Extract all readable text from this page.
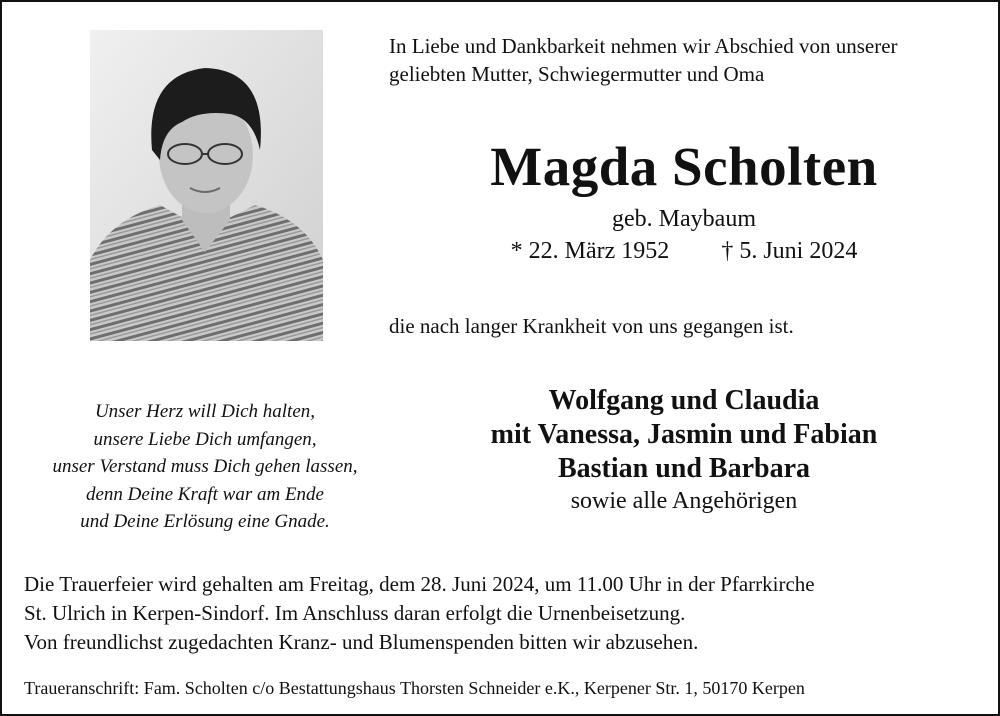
In Liebe und Dankbarkeit nehmen wir Abschied von unserer
geliebten Mutter, Schwiegermutter und Oma

Magda Scholten

geb. Maybaum

* 22. März 1952 † 5. Juni 2024

die nach langer Krankheit von uns gegangen ist.

Unser Herz will Dich halten,
unsere Liebe Dich umfangen,
unser Verstand muss Dich gehen lassen,
denn Deine Kraft war am Ende
und Deine Erlösung eine Gnade.

Wolfgang und Claudia
mit Vanessa, Jasmin und Fabian
Bastian und Barbara
sowie alle Angehörigen

Die Trauerfeier wird gehalten am Freitag, dem 28. Juni 2024, um 11.00 Uhr in der Pfarrkirche
St. Ulrich in Kerpen-Sindorf. Im Anschluss daran erfolgt die Urnenbeisetzung.
Von freundlichst zugedachten Kranz- und Blumenspenden bitten wir abzusehen.

Traueranschrift: Fam. Scholten c/o Bestattungshaus Thorsten Schneider e.K., Kerpener Str. 1, 50170 Kerpen
